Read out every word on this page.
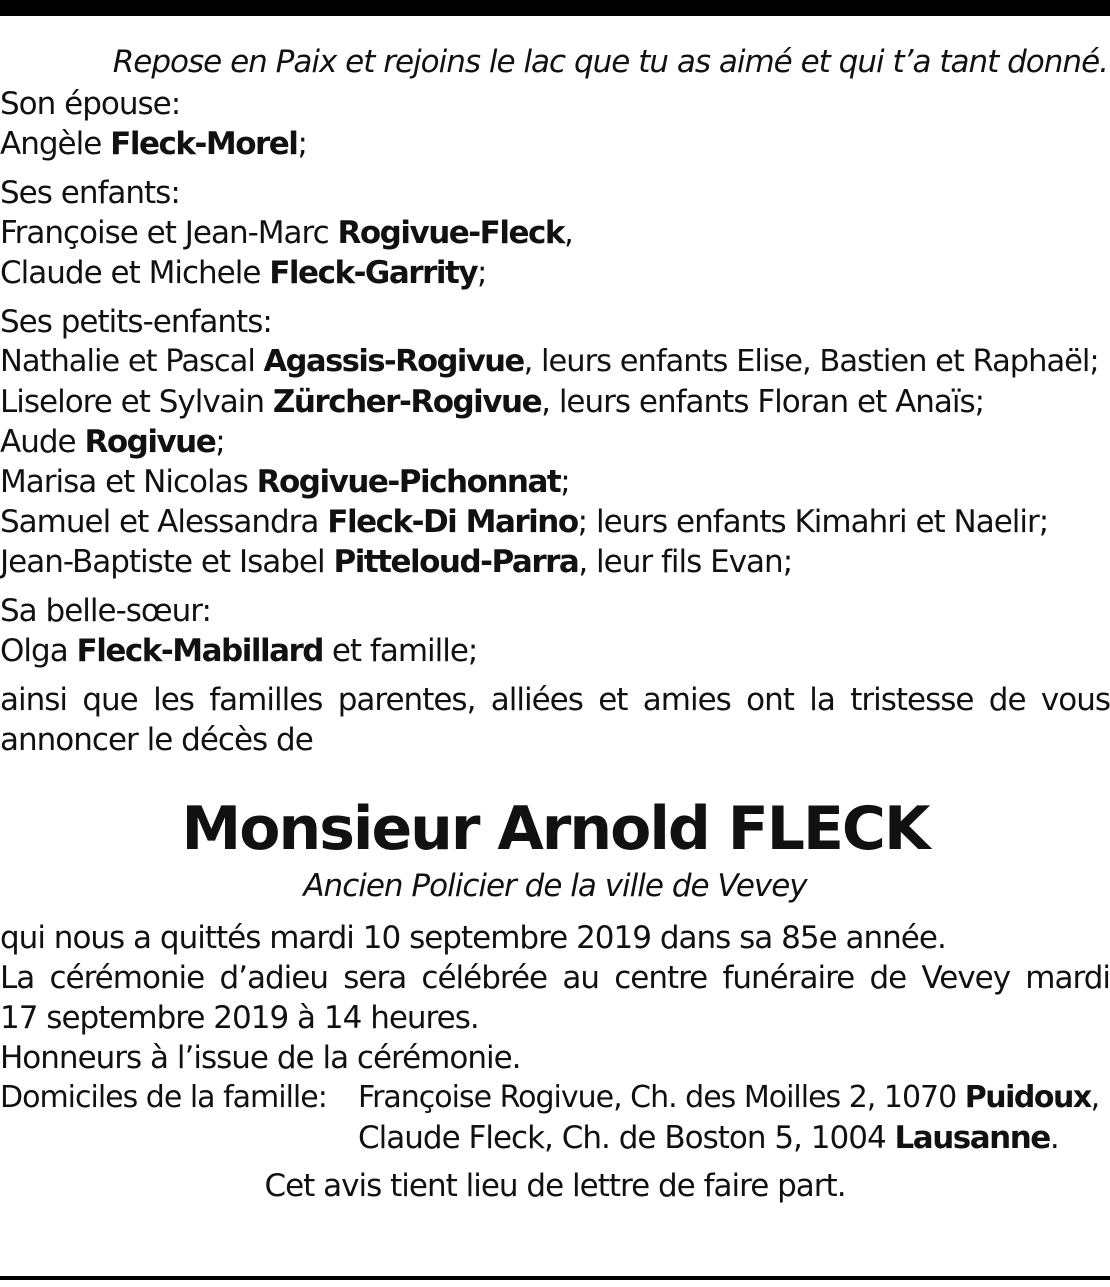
Repose en Paix et rejoins le lac que tu as aimé et qui t’a tant donné.
Son épouse:
Angèle Fleck-Morel;
Ses enfants:
Françoise et Jean-Marc Rogivue-Fleck,
Claude et Michele Fleck-Garrity;
Ses petits-enfants:
Nathalie et Pascal Agassis-Rogivue, leurs enfants Elise, Bastien et Raphaël;
Liselore et Sylvain Zürcher-Rogivue, leurs enfants Floran et Anaïs;
Aude Rogivue;
Marisa et Nicolas Rogivue-Pichonnat;
Samuel et Alessandra Fleck-Di Marino; leurs enfants Kimahri et Naelir;
Jean-Baptiste et Isabel Pitteloud-Parra, leur fils Evan;
Sa belle-sœur:
Olga Fleck-Mabillard et famille;
ainsi que les familles parentes, alliées et amies ont la tristesse de vous
annoncer le décès de
Monsieur Arnold FLECK
Ancien Policier de la ville de Vevey
qui nous a quittés mardi 10 septembre 2019 dans sa 85e année.
La cérémonie d’adieu sera célébrée au centre funéraire de Vevey mardi
17 septembre 2019 à 14 heures.
Honneurs à l’issue de la cérémonie.
Domiciles de la famille:	Françoise Rogivue, Ch. des Moilles 2, 1070 Puidoux,
Claude Fleck, Ch. de Boston 5, 1004 Lausanne.
Cet avis tient lieu de lettre de faire part.
